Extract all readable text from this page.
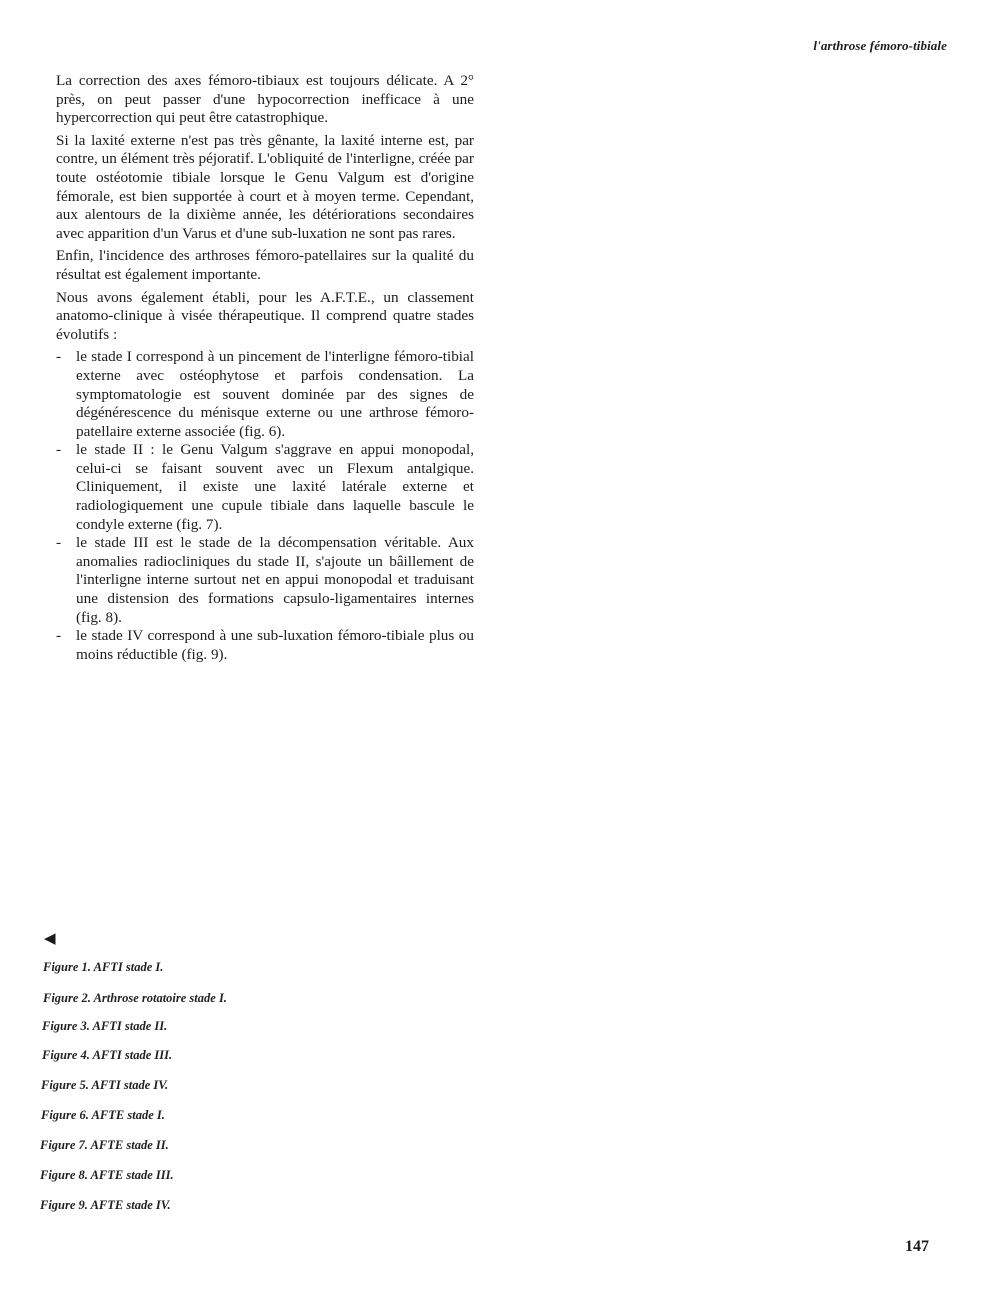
l'arthrose fémoro-tibiale

La correction des axes fémoro-tibiaux est toujours délicate. A 2° près, on peut passer d'une hypocorrection inefficace à une hypercorrection qui peut être catastrophique.

Si la laxité externe n'est pas très gênante, la laxité interne est, par contre, un élément très péjoratif. L'obliquité de l'interligne, créée par toute ostéotomie tibiale lorsque le Genu Valgum est d'origine fémorale, est bien supportée à court et à moyen terme. Cependant, aux alentours de la dixième année, les détériorations secondaires avec apparition d'un Varus et d'une sub-luxation ne sont pas rares.

Enfin, l'incidence des arthroses fémoro-patellaires sur la qualité du résultat est également importante.

Nous avons également établi, pour les A.F.T.E., un classement anatomo-clinique à visée thérapeutique. Il comprend quatre stades évolutifs :

- le stade I correspond à un pincement de l'interligne fémoro-tibial externe avec ostéophytose et parfois condensation. La symptomatologie est souvent dominée par des signes de dégénérescence du ménisque externe ou une arthrose fémoro-patellaire externe associée (fig. 6).
- le stade II : le Genu Valgum s'aggrave en appui monopodal, celui-ci se faisant souvent avec un Flexum antalgique. Cliniquement, il existe une laxité latérale externe et radiologiquement une cupule tibiale dans laquelle bascule le condyle externe (fig. 7).
- le stade III est le stade de la décompensation véritable. Aux anomalies radiocliniques du stade II, s'ajoute un bâillement de l'interligne interne surtout net en appui monopodal et traduisant une distension des formations capsulo-ligamentaires internes (fig. 8).
- le stade IV correspond à une sub-luxation fémoro-tibiale plus ou moins réductible (fig. 9).
◀
Figure 1. AFTI stade I.
Figure 2. Arthrose rotatoire stade I.
Figure 3. AFTI stade II.
Figure 4. AFTI stade III.
Figure 5. AFTI stade IV.
Figure 6. AFTE stade I.
Figure 7. AFTE stade II.
Figure 8. AFTE stade III.
Figure 9. AFTE stade IV.
147
